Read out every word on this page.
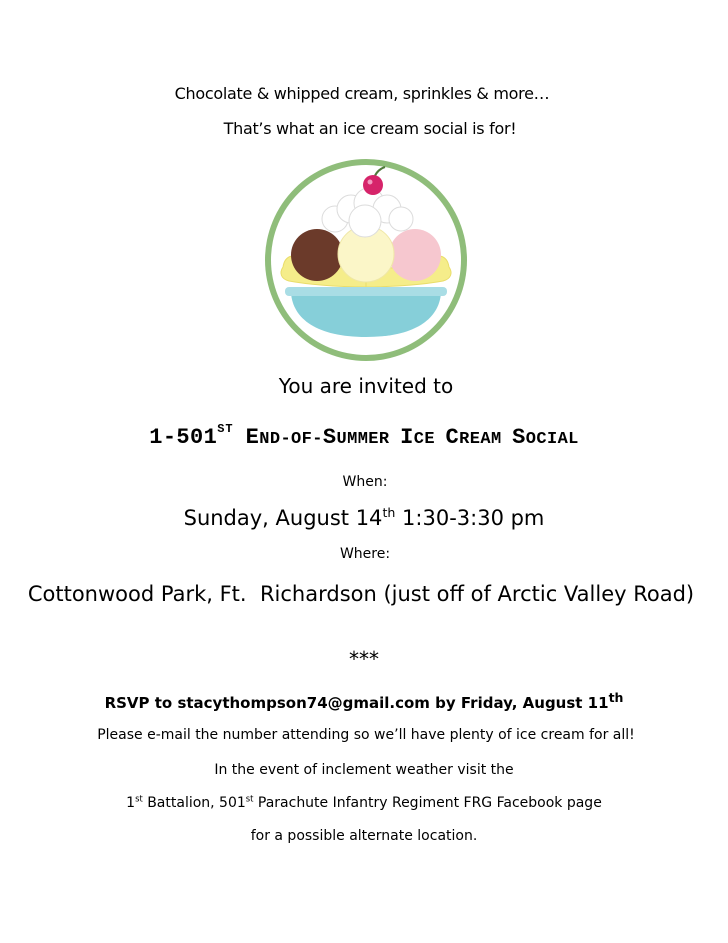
Chocolate & whipped cream, sprinkles & more…
That’s what an ice cream social is for!
You are invited to
1-501ST END-OF-SUMMER ICE CREAM SOCIAL
When:
Sunday, August 14th 1:30-3:30 pm
Where:
Cottonwood Park, Ft.  Richardson (just off of Arctic Valley Road)
***
RSVP to stacythompson74@gmail.com by Friday, August 11th
Please e-mail the number attending so we’ll have plenty of ice cream for all!
In the event of inclement weather visit the
1st Battalion, 501st Parachute Infantry Regiment FRG Facebook page
for a possible alternate location.
